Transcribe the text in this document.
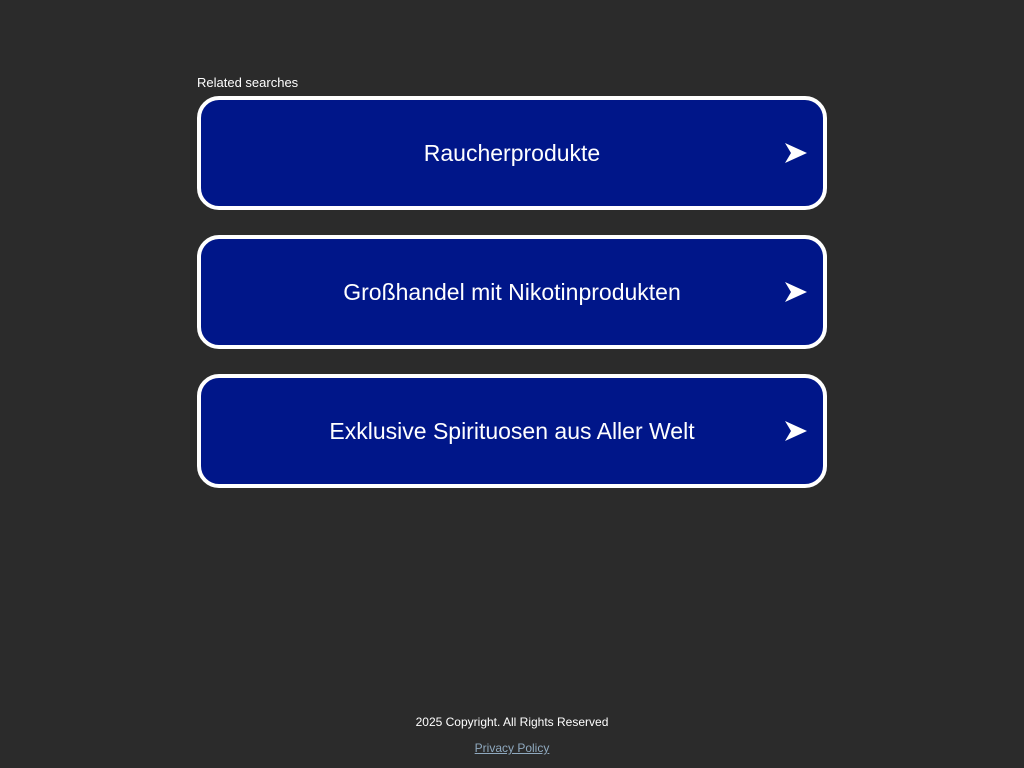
Related searches
Raucherprodukte
Großhandel mit Nikotinprodukten
Exklusive Spirituosen aus Aller Welt

2025 Copyright. All Rights Reserved

Privacy Policy
